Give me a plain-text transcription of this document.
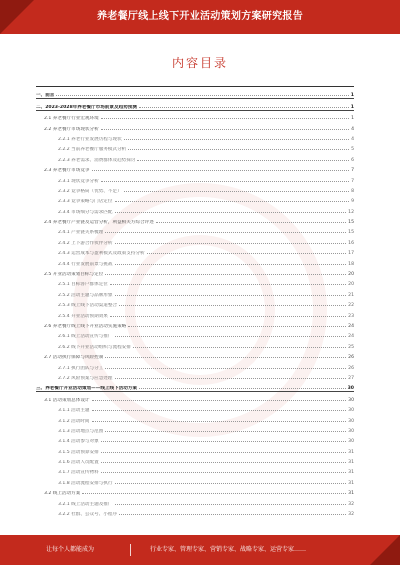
养老餐厅线上线下开业活动策划方案研究报告
内容目录
一、前言	1
二、2023-2028年养老餐厅市场前景及趋势预测	1
2.1 养老餐厅行业宏观环境	1
2.2 养老餐厅市场现状分析	4
2.2.1 养老行业发展历程与现状	4
2.2.2 当前养老餐厅服务模式分析	5
2.2.3 养老需求、消费群体及趋势探讨	6
2.3 养老餐厅市场竞争	7
2.3.1 现状竞争分析	7
2.3.2 竞争格局（优势、不足）	8
2.3.3 竞争策略与门店定位	9
2.3.4 市场细分与需求匹配	12
2.4 养老餐厅产业链及运营分析，利益相关方综合评述	15
2.4.1 产业链关系梳理	15
2.4.2 上下游合作伙伴分析	16
2.4.3 运营成本与盈利模式及政策支持分析	17
2.4.4 行业发展前景与挑战	18
2.5 开业活动策划目标与定位	20
2.5.1 目标客户群体定位	20
2.5.2 活动主题与品牌形象	21
2.5.3 线上线下活动渠道整合	22
2.5.4 开业活动预期效果	23
2.6 养老餐厅线上线下开业活动实施策略	24
2.6.1 线上活动宣传与推广	24
2.6.2 线下开业活动组织与流程安排	25
2.7 活动执行保障与风险控制	26
2.7.1 执行团队与分工	26
2.7.2 风险预案与应急处理	27
三、养老餐厅开业活动策划——线上线下活动方案	30
3.1 活动策划总体设计	30
3.1.1 活动主题	30
3.1.2 活动时间	30
3.1.3 活动地点与范围	30
3.1.4 活动参与对象	30
3.1.5 活动预算安排	31
3.1.6 活动人员配置	31
3.1.7 活动宣传物料	31
3.1.8 活动流程安排与执行	31
3.2 线上活动方案	31
3.2.1 线上活动主题及推广	32
3.2.2 社群、公众号、小程序	32
让每个人都能成为	行业专家、管理专家、营销专家、战略专家、运营专家……
